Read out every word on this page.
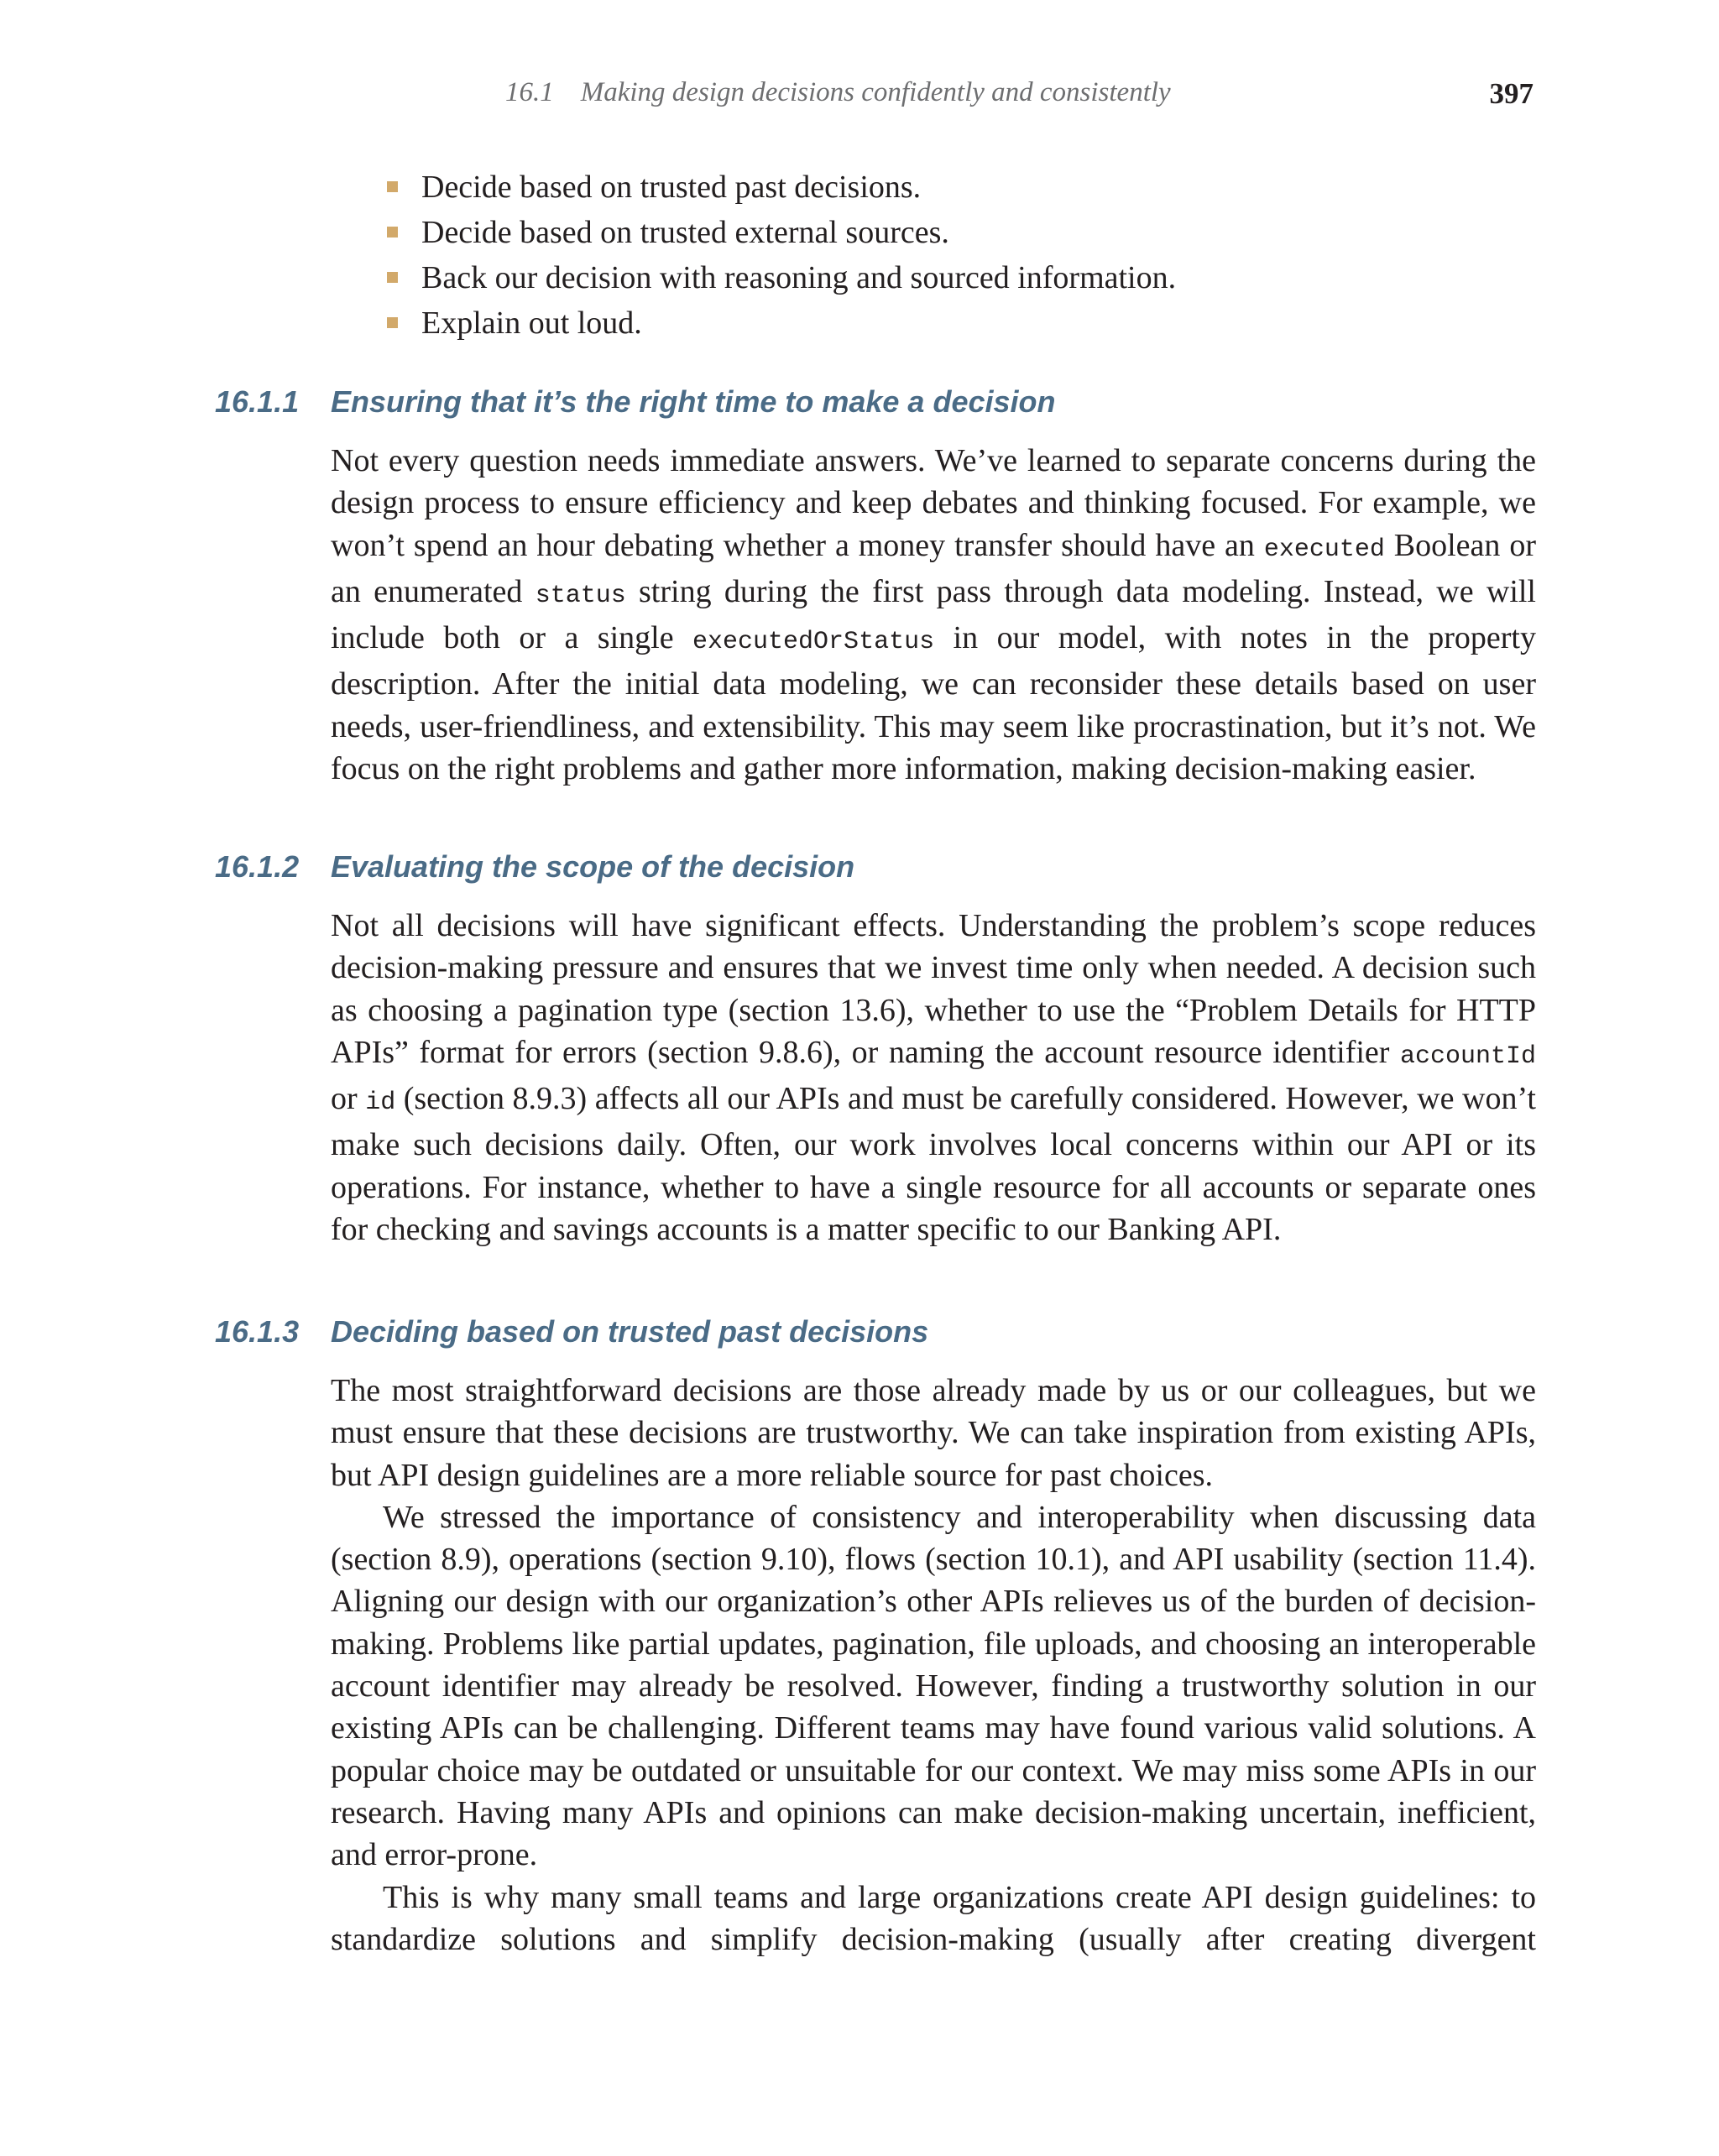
16.1 Making design decisions confidently and consistently	397
Decide based on trusted past decisions.
Decide based on trusted external sources.
Back our decision with reasoning and sourced information.
Explain out loud.
16.1.1 Ensuring that it’s the right time to make a decision

Not every question needs immediate answers. We’ve learned to separate concerns during the design process to ensure efficiency and keep debates and thinking focused. For example, we won’t spend an hour debating whether a money transfer should have an executed Boolean or an enumerated status string during the first pass through data modeling. Instead, we will include both or a single executedOrStatus in our model, with notes in the property description. After the initial data modeling, we can reconsider these details based on user needs, user-friendliness, and extensibility. This may seem like procrastination, but it’s not. We focus on the right problems and gather more information, making decision-making easier.

16.1.2 Evaluating the scope of the decision

Not all decisions will have significant effects. Understanding the problem’s scope reduces decision-making pressure and ensures that we invest time only when needed. A decision such as choosing a pagination type (section 13.6), whether to use the “Problem Details for HTTP APIs” format for errors (section 9.8.6), or naming the account resource identifier accountId or id (section 8.9.3) affects all our APIs and must be carefully considered. However, we won’t make such decisions daily. Often, our work involves local concerns within our API or its operations. For instance, whether to have a single resource for all accounts or separate ones for checking and savings accounts is a matter specific to our Banking API.

16.1.3 Deciding based on trusted past decisions

The most straightforward decisions are those already made by us or our colleagues, but we must ensure that these decisions are trustworthy. We can take inspiration from existing APIs, but API design guidelines are a more reliable source for past choices.

We stressed the importance of consistency and interoperability when discussing data (section 8.9), operations (section 9.10), flows (section 10.1), and API usability (section 11.4). Aligning our design with our organization’s other APIs relieves us of the burden of decision-making. Problems like partial updates, pagination, file uploads, and choosing an interoperable account identifier may already be resolved. However, finding a trustworthy solution in our existing APIs can be challenging. Different teams may have found various valid solutions. A popular choice may be outdated or unsuitable for our context. We may miss some APIs in our research. Having many APIs and opinions can make decision-making uncertain, inefficient, and error-prone.

This is why many small teams and large organizations create API design guidelines: to standardize solutions and simplify decision-making (usually after creating divergent
